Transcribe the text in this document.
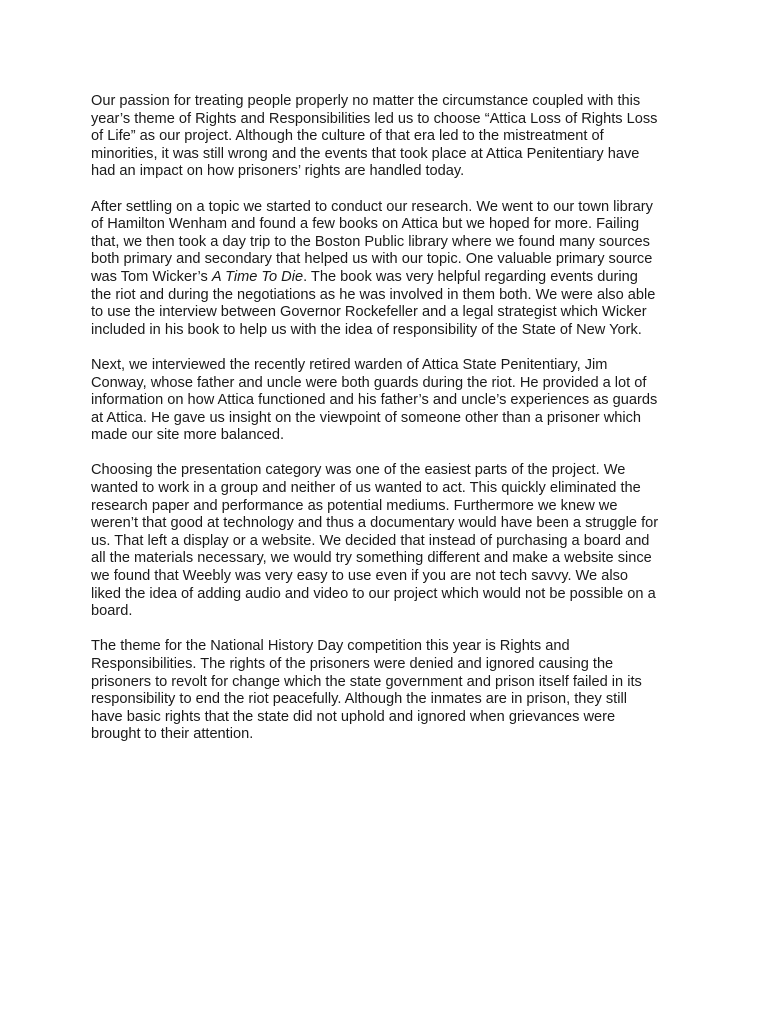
Our passion for treating people properly no matter the circumstance coupled with this
year’s theme of Rights and Responsibilities led us to choose “Attica Loss of Rights Loss
of Life” as our project. Although the culture of that era led to the mistreatment of
minorities, it was still wrong and the events that took place at Attica Penitentiary have
had an impact on how prisoners’ rights are handled today.

After settling on a topic we started to conduct our research. We went to our town library
of Hamilton Wenham and found a few books on Attica but we hoped for more. Failing
that, we then took a day trip to the Boston Public library where we found many sources
both primary and secondary that helped us with our topic. One valuable primary source
was Tom Wicker’s A Time To Die. The book was very helpful regarding events during
the riot and during the negotiations as he was involved in them both. We were also able
to use the interview between Governor Rockefeller and a legal strategist which Wicker
included in his book to help us with the idea of responsibility of the State of New York.

Next, we interviewed the recently retired warden of Attica State Penitentiary, Jim
Conway, whose father and uncle were both guards during the riot. He provided a lot of
information on how Attica functioned and his father’s and uncle’s experiences as guards
at Attica. He gave us insight on the viewpoint of someone other than a prisoner which
made our site more balanced.

Choosing the presentation category was one of the easiest parts of the project. We
wanted to work in a group and neither of us wanted to act. This quickly eliminated the
research paper and performance as potential mediums. Furthermore we knew we
weren’t that good at technology and thus a documentary would have been a struggle for
us. That left a display or a website. We decided that instead of purchasing a board and
all the materials necessary, we would try something different and make a website since
we found that Weebly was very easy to use even if you are not tech savvy. We also
liked the idea of adding audio and video to our project which would not be possible on a
board.

The theme for the National History Day competition this year is Rights and
Responsibilities. The rights of the prisoners were denied and ignored causing the
prisoners to revolt for change which the state government and prison itself failed in its
responsibility to end the riot peacefully. Although the inmates are in prison, they still
have basic rights that the state did not uphold and ignored when grievances were
brought to their attention.
